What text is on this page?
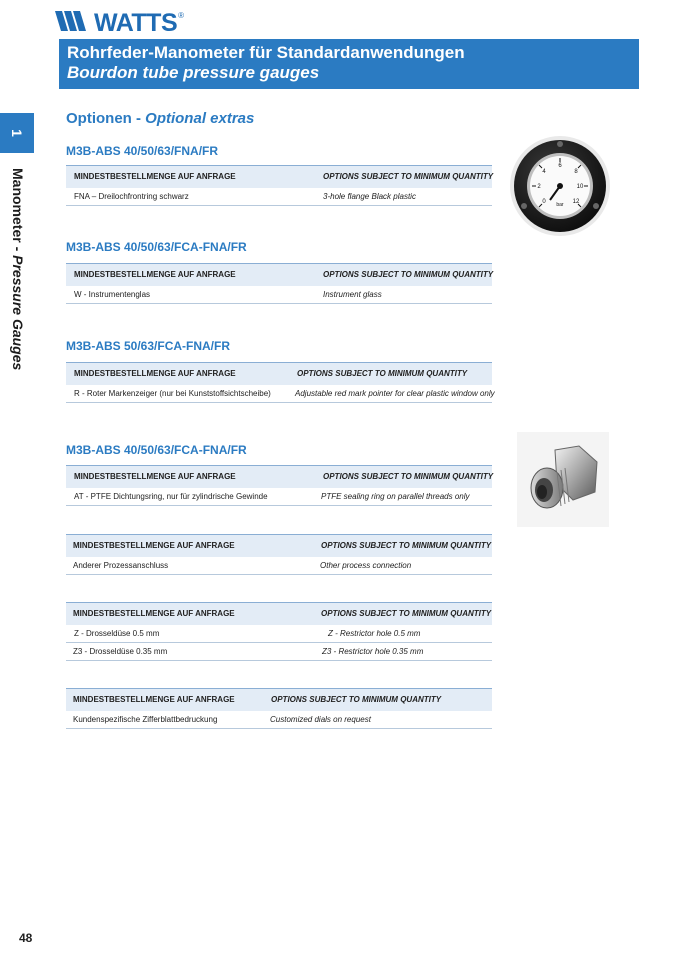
WATTS ®
Rohrfeder-Manometer für Standardanwendungen
Bourdon tube pressure gauges
1
Manometer - Pressure Gauges
Optionen - Optional extras
M3B-ABS 40/50/63/FNA/FR
MINDESTBESTELLMENGE AUF ANFRAGE	OPTIONS SUBJECT TO MINIMUM QUANTITY
FNA – Dreilochfrontring schwarz	3-hole flange Black plastic
M3B-ABS 40/50/63/FCA-FNA/FR
MINDESTBESTELLMENGE AUF ANFRAGE	OPTIONS SUBJECT TO MINIMUM QUANTITY
W - Instrumentenglas	Instrument glass
M3B-ABS 50/63/FCA-FNA/FR
MINDESTBESTELLMENGE AUF ANFRAGE	OPTIONS SUBJECT TO MINIMUM QUANTITY
R - Roter Markenzeiger (nur bei Kunststoffsichtscheibe)	Adjustable red mark pointer for clear plastic window only
M3B-ABS 40/50/63/FCA-FNA/FR
MINDESTBESTELLMENGE AUF ANFRAGE	OPTIONS SUBJECT TO MINIMUM QUANTITY
AT - PTFE Dichtungsring, nur für zylindrische Gewinde	PTFE sealing ring on parallel threads only
MINDESTBESTELLMENGE AUF ANFRAGE	OPTIONS SUBJECT TO MINIMUM QUANTITY
Anderer Prozessanschluss	Other process connection
MINDESTBESTELLMENGE AUF ANFRAGE	OPTIONS SUBJECT TO MINIMUM QUANTITY
Z - Drosseldüse 0.5 mm	Z - Restrictor hole 0.5 mm
Z3 - Drosseldüse 0.35 mm	Z3 - Restrictor hole 0.35 mm
MINDESTBESTELLMENGE AUF ANFRAGE	OPTIONS SUBJECT TO MINIMUM QUANTITY
Kundenspezifische Zifferblattbedruckung	Customized dials on request
0
2
4
6
8
10
12
bar
48
